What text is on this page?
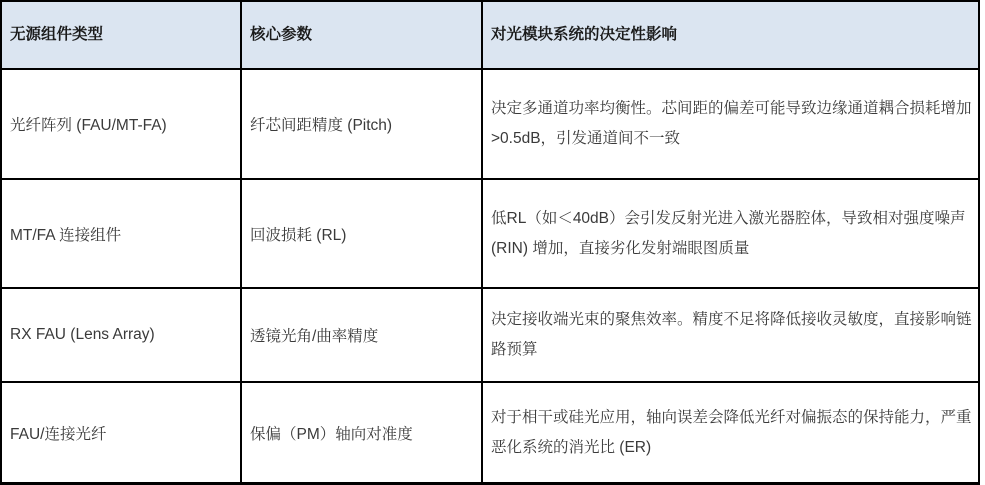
无源组件类型	核心参数	对光模块系统的决定性影响
光纤阵列 (FAU/MT-FA)	纤芯间距精度 (Pitch)	决定多通道功率均衡性。芯间距的偏差可能导致边缘通道耦合损耗增加>0.5dB，引发通道间不一致
MT/FA 连接组件	回波损耗 (RL)	低RL（如＜40dB）会引发反射光进入激光器腔体，导致相对强度噪声 (RIN) 增加，直接劣化发射端眼图质量
RX FAU (Lens Array)	透镜光角/曲率精度	决定接收端光束的聚焦效率。精度不足将降低接收灵敏度，直接影响链路预算
FAU/连接光纤	保偏（PM）轴向对准度	对于相干或硅光应用，轴向误差会降低光纤对偏振态的保持能力，严重恶化系统的消光比 (ER)
